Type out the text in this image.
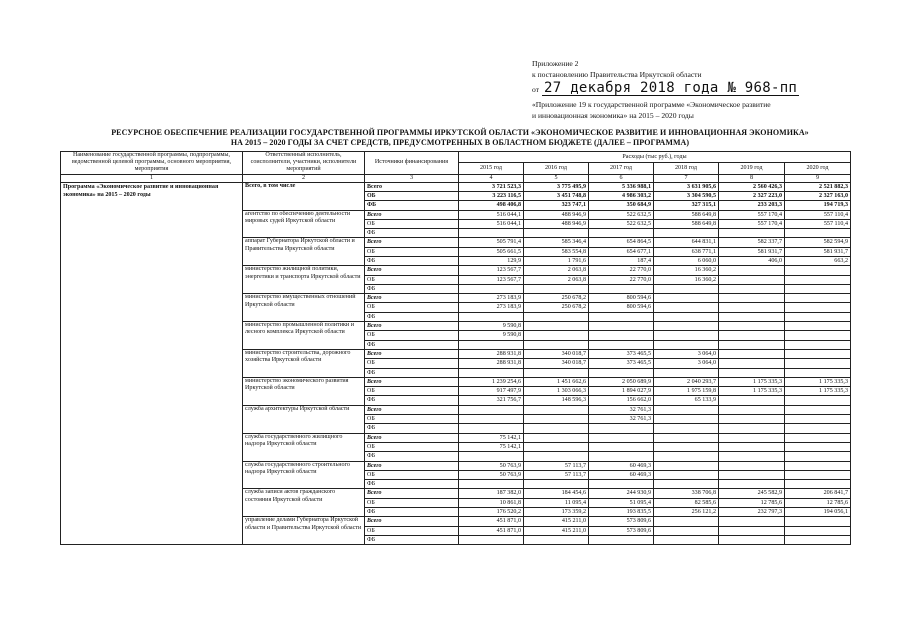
Приложение 2
к постановлению Правительства Иркутской области
от 27 декабря 2018 года № 968-пп
«Приложение 19 к государственной программе «Экономическое развитие
и инновационная экономика» на 2015 – 2020 годы
РЕСУРСНОЕ ОБЕСПЕЧЕНИЕ РЕАЛИЗАЦИИ ГОСУДАРСТВЕННОЙ ПРОГРАММЫ ИРКУТСКОЙ ОБЛАСТИ «ЭКОНОМИЧЕСКОЕ РАЗВИТИЕ И ИННОВАЦИОННАЯ ЭКОНОМИКА»
НА 2015 – 2020 ГОДЫ ЗА СЧЕТ СРЕДСТВ, ПРЕДУСМОТРЕННЫХ В ОБЛАСТНОМ БЮДЖЕТЕ (ДАЛЕЕ – ПРОГРАММА)
Наименование государственной программы, подпрограммы, ведомственной целевой программы, основного мероприятия, мероприятия	Ответственный исполнитель, соисполнители, участники, исполнители мероприятий	Источники финансирования	Расходы (тыс руб.), годы					
			2015 год	2016 год	2017 год	2018 год	2019 год	2020 год
1	2	3	4	5	6	7	8	9
Программа «Экономическое развитие и инновационная экономика» на 2015 – 2020 годы	Всего, в том числе	Всего	3 721 523,3	3 775 495,9	5 336 988,1	3 631 905,6	2 560 426,3	2 521 882,3
		ОБ	3 223 116,5	3 451 748,8	4 986 303,2	3 304 590,5	2 327 223,0	2 327 163,0
		ФБ	498 406,8	323 747,1	350 684,9	327 315,1	233 203,3	194 719,3
	агентство по обеспечению деятельности мировых судей Иркутской области	Всего	516 044,1	488 946,9	522 632,5	588 649,8	557 170,4	557 110,4
		ОБ	516 044,1	488 946,9	522 632,5	588 649,8	557 170,4	557 110,4
		ФБ						
	аппарат Губернатора Иркутской области и Правительства Иркутской области	Всего	505 791,4	585 346,4	654 864,5	644 831,1	582 337,7	582 594,9
		ОБ	505 661,5	583 554,8	654 677,1	638 771,1	581 931,7	581 931,7
		ФБ	129,9	1 791,6	187,4	6 060,0	406,0	663,2
	министерство жилищной политики, энергетики и транспорта Иркутской области	Всего	123 567,7	2 063,8	22 770,0	16 360,2		
		ОБ	123 567,7	2 063,8	22 770,0	16 360,2		
		ФБ						
	министерство имущественных отношений Иркутской области	Всего	273 183,9	250 678,2	800 594,6			
		ОБ	273 183,9	250 678,2	800 594,6			
		ФБ						
	министерство промышленной политики и лесного комплекса Иркутской области	Всего	9 590,8					
		ОБ	9 590,8					
		ФБ						
	министерство строительства, дорожного хозяйства Иркутской области	Всего	288 931,8	340 018,7	373 465,5	3 064,0		
		ОБ	288 931,8	340 018,7	373 465,5	3 064,0		
		ФБ						
	министерство экономического развития Иркутской области	Всего	1 239 254,6	1 451 662,6	2 050 689,9	2 040 293,7	1 175 335,3	1 175 335,3
		ОБ	917 497,9	1 303 066,3	1 894 027,9	1 975 159,8	1 175 335,3	1 175 335,3
		ФБ	321 756,7	148 596,3	156 662,0	65 133,9		
	служба архитектуры Иркутской области	Всего			32 761,3			
		ОБ			32 761,3			
		ФБ						
	служба государственного жилищного надзора Иркутской области	Всего	75 142,1					
		ОБ	75 142,1					
		ФБ						
	служба государственного строительного надзора Иркутской области	Всего	50 763,9	57 113,7	60 469,3			
		ОБ	50 763,9	57 113,7	60 469,3			
		ФБ						
	служба записи актов гражданского состояния Иркутской области	Всего	187 382,0	184 454,6	244 930,9	338 706,8	245 582,9	206 841,7
		ОБ	10 861,8	11 095,4	51 095,4	82 585,6	12 785,6	12 785,6
		ФБ	176 520,2	173 359,2	193 835,5	256 121,2	232 797,3	194 056,1
	управление делами Губернатора Иркутской области и Правительства Иркутской области	Всего	451 871,0	415 211,0	573 809,6			
		ОБ	451 871,0	415 211,0	573 809,6			
		ФБ						
